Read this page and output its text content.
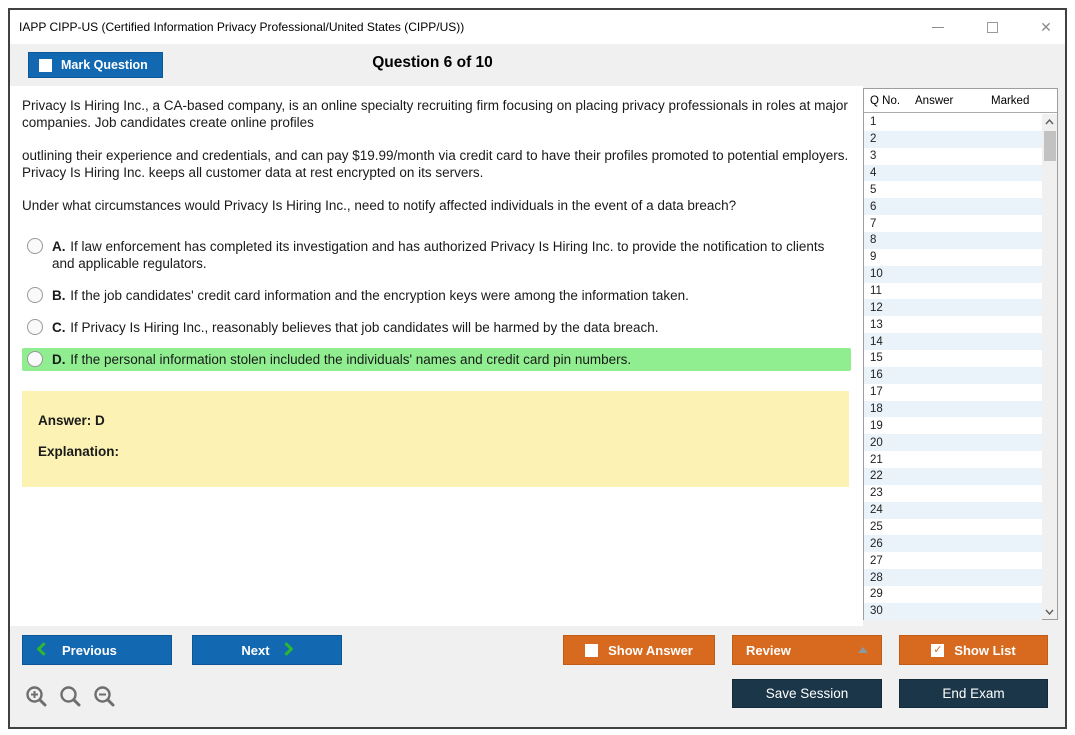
IAPP CIPP-US (Certified Information Privacy Professional/United States (CIPP/US))	✕
Mark Question	Question 6 of 10

Privacy Is Hiring Inc., a CA-based company, is an online specialty recruiting firm focusing on placing privacy professionals in roles at major companies. Job candidates create online profiles

outlining their experience and credentials, and can pay $19.99/month via credit card to have their profiles promoted to potential employers. Privacy Is Hiring Inc. keeps all customer data at rest encrypted on its servers.

Under what circumstances would Privacy Is Hiring Inc., need to notify affected individuals in the event of a data breach?

A. If law enforcement has completed its investigation and has authorized Privacy Is Hiring Inc. to provide the notification to clients and applicable regulators.
B. If the job candidates' credit card information and the encryption keys were among the information taken.
C. If Privacy Is Hiring Inc., reasonably believes that job candidates will be harmed by the data breach.
D. If the personal information stolen included the individuals' names and credit card pin numbers.
Answer: D
Explanation:
Q No.	Answer	Marked
1
2
3
4
5
6
7
8
9
10
11
12
13
14
15
16
17
18
19
20
21
22
23
24
25
26
27
28
29
30
Previous	Next	Show Answer	Review	✓ Show List
Save Session	End Exam
